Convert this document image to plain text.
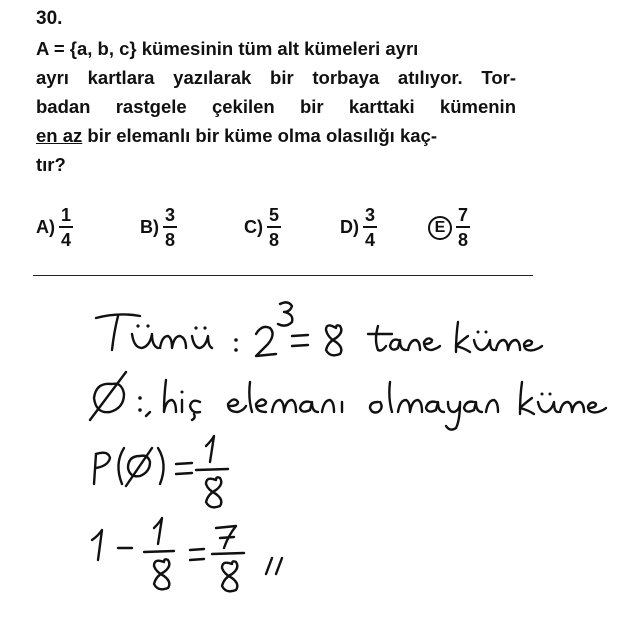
30.
A = {a, b, c} kümesinin tüm alt kümeleri ayrı
ayrı kartlara yazılarak bir torbaya atılıyor. Tor-
badan rastgele çekilen bir karttaki kümenin
en az bir elemanlı bir küme olma olasılığı kaç-
tır?
$A) \frac{1}{4}$	$B) \frac{3}{8}$	$C) \frac{5}{8}$	$D) \frac{3}{4}$	E $\frac{7}{8}$
